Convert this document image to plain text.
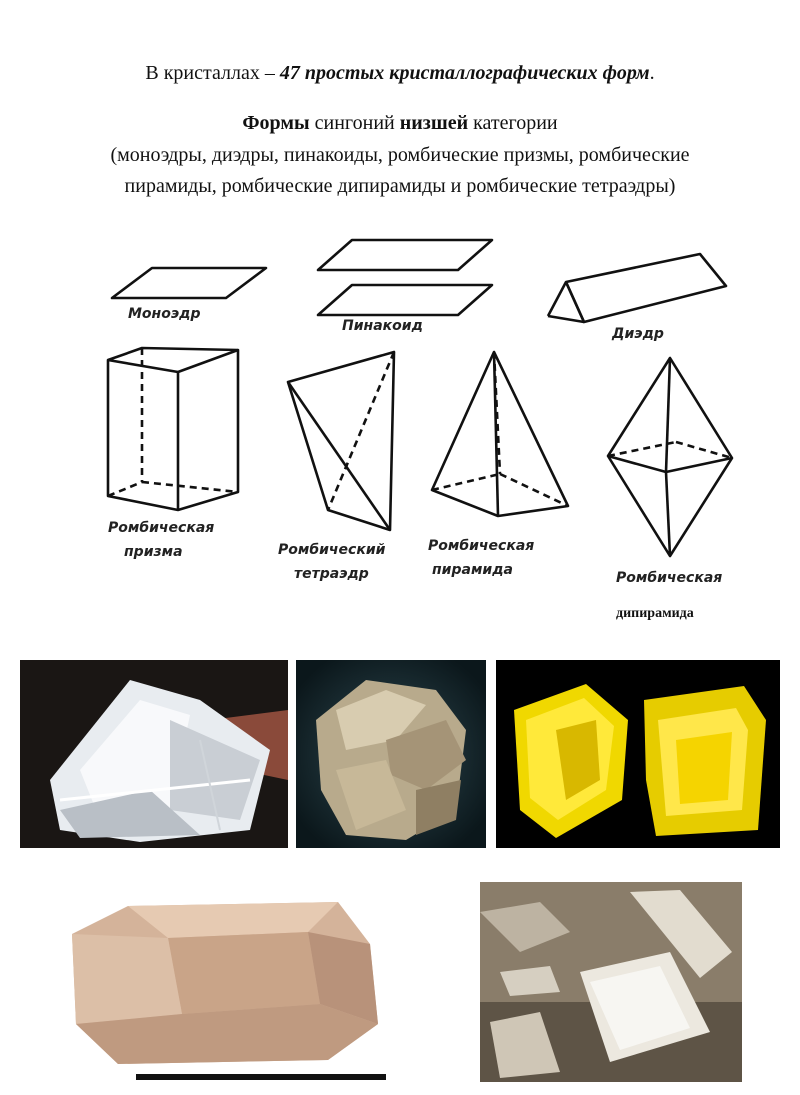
В кристаллах – 47 простых кристаллографических форм.
Формы сингоний низшей категории
(моноэдры, диэдры, пинакоиды, ромбические призмы, ромбические
пирамиды, ромбические дипирамиды и ромбические тетраэдры)
Моноэдр
Пинакоид	Диэдр
Ромбическая
призма	Ромбический
тетраэдр
Ромбическая
пирамида	Ромбическая
дипирамида
